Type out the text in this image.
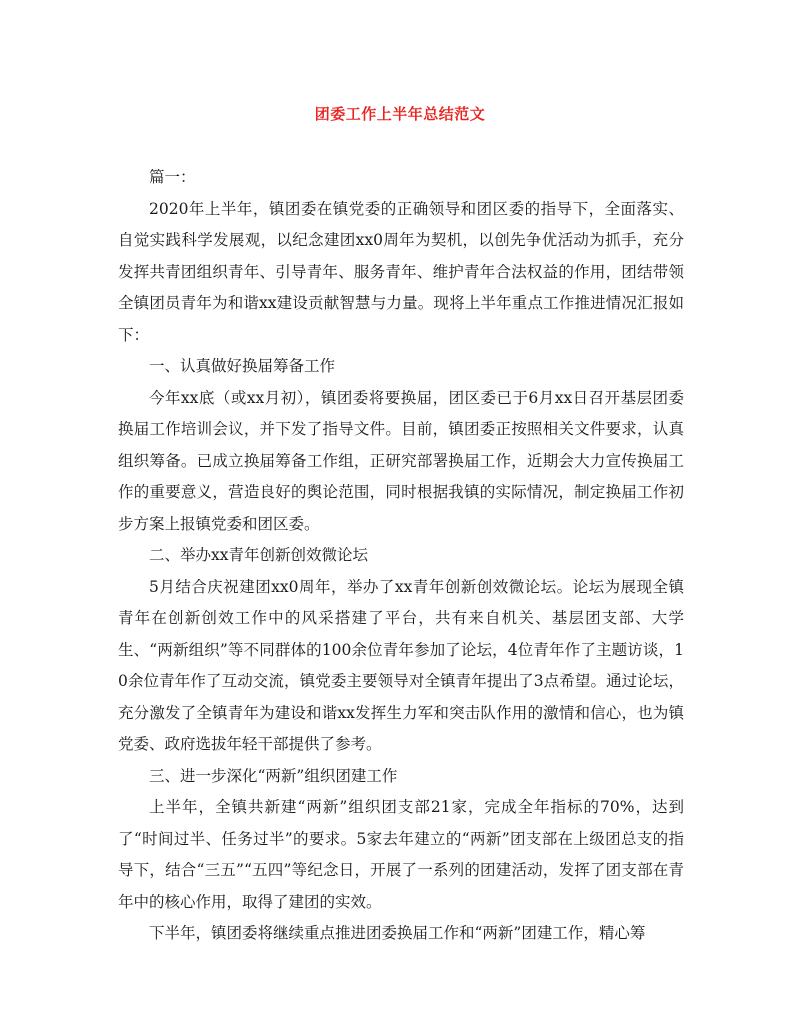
团委工作上半年总结范文

篇一：

2020年上半年，镇团委在镇党委的正确领导和团区委的指导下，全面落实、自觉实践科学发展观，以纪念建团xx0周年为契机，以创先争优活动为抓手，充分发挥共青团组织青年、引导青年、服务青年、维护青年合法权益的作用，团结带领全镇团员青年为和谐xx建设贡献智慧与力量。现将上半年重点工作推进情况汇报如下：

一、认真做好换届筹备工作

今年xx底（或xx月初），镇团委将要换届，团区委已于6月xx日召开基层团委换届工作培训会议，并下发了指导文件。目前，镇团委正按照相关文件要求，认真组织筹备。已成立换届筹备工作组，正研究部署换届工作，近期会大力宣传换届工作的重要意义，营造良好的舆论范围，同时根据我镇的实际情况，制定换届工作初步方案上报镇党委和团区委。

二、举办xx青年创新创效微论坛

5月结合庆祝建团xx0周年，举办了xx青年创新创效微论坛。论坛为展现全镇青年在创新创效工作中的风采搭建了平台，共有来自机关、基层团支部、大学生、“两新组织”等不同群体的100余位青年参加了论坛，4位青年作了主题访谈，10余位青年作了互动交流，镇党委主要领导对全镇青年提出了3点希望。通过论坛，充分激发了全镇青年为建设和谐xx发挥生力军和突击队作用的激情和信心，也为镇党委、政府选拔年轻干部提供了参考。

三、进一步深化“两新”组织团建工作

上半年，全镇共新建“两新”组织团支部21家，完成全年指标的70%，达到了“时间过半、任务过半”的要求。5家去年建立的“两新”团支部在上级团总支的指导下，结合“三五”“五四”等纪念日，开展了一系列的团建活动，发挥了团支部在青年中的核心作用，取得了建团的实效。

下半年，镇团委将继续重点推进团委换届工作和“两新”团建工作，精心筹
